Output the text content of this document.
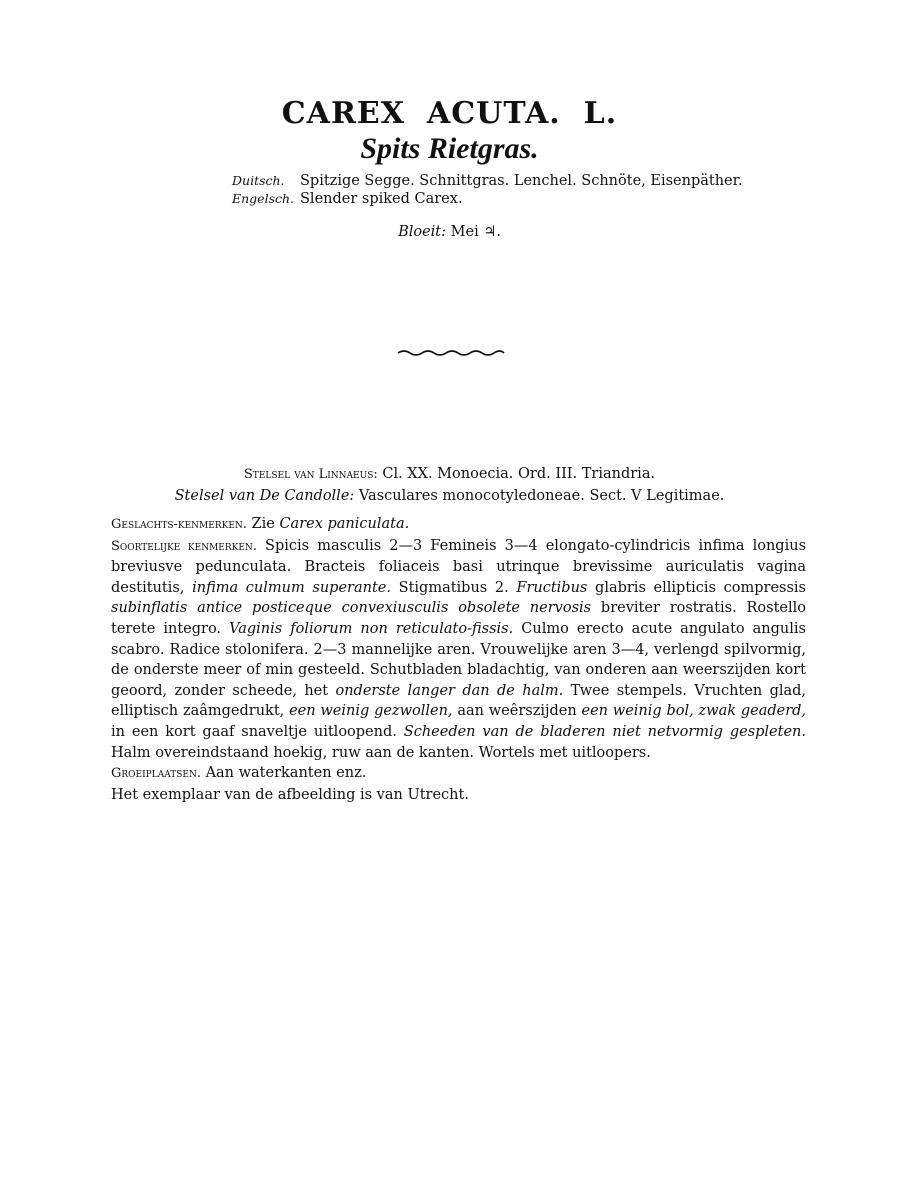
CAREX ACUTA. L.
Spits Rietgras.
Duitsch. Spitzige Segge. Schnittgras. Lenchel. Schnöte, Eisenpäther.
Engelsch. Slender spiked Carex.
Bloeit: Mei ♃.
Stelsel van Linnaeus: Cl. XX. Monoecia. Ord. III. Triandria.
Stelsel van De Candolle: Vasculares monocotyledoneae. Sect. V Legitimae.

Geslachts-kenmerken. Zie Carex paniculata.

Soortelijke kenmerken. Spicis masculis 2—3 Femineis 3—4 elongato-cylindricis infima longius breviusve pedunculata. Bracteis foliaceis basi utrinque brevissime auriculatis vagina destitutis, infima culmum superante. Stigmatibus 2. Fructibus glabris ellipticis compressis subinflatis antice posticeque convexiusculis obsolete nervosis breviter rostratis. Rostello terete integro. Vaginis foliorum non reticulato-fissis. Culmo erecto acute angulato angulis scabro. Radice stolonifera. 2—3 mannelijke aren. Vrouwelijke aren 3—4, verlengd spilvormig, de onderste meer of min gesteeld. Schutbladen bladachtig, van onderen aan weerszijden kort geoord, zonder scheede, het onderste langer dan de halm. Twee stempels. Vruchten glad, elliptisch zaâmgedrukt, een weinig gezwollen, aan weêrszijden een weinig bol, zwak geaderd, in een kort gaaf snaveltje uitloopend. Scheeden van de bladeren niet netvormig gespleten. Halm overeindstaand hoekig, ruw aan de kanten. Wortels met uitloopers.

Groeiplaatsen. Aan waterkanten enz.

Het exemplaar van de afbeelding is van Utrecht.
